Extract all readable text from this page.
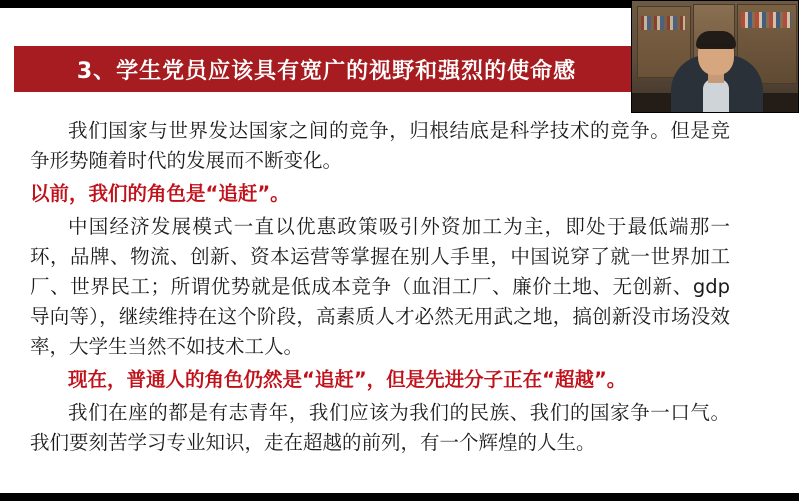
3、学生党员应该具有宽广的视野和强烈的使命感

我们国家与世界发达国家之间的竞争，归根结底是科学技术的竞争。但是竞争形势随着时代的发展而不断变化。

以前，我们的角色是“追赶”。

中国经济发展模式一直以优惠政策吸引外资加工为主，即处于最低端那一环，品牌、物流、创新、资本运营等掌握在别人手里，中国说穿了就一世界加工厂、世界民工；所谓优势就是低成本竞争（血泪工厂、廉价土地、无创新、gdp导向等），继续维持在这个阶段，高素质人才必然无用武之地，搞创新没市场没效率，大学生当然不如技术工人。

现在，普通人的角色仍然是“追赶”，但是先进分子正在“超越”。

我们在座的都是有志青年，我们应该为我们的民族、我们的国家争一口气。我们要刻苦学习专业知识，走在超越的前列，有一个辉煌的人生。
